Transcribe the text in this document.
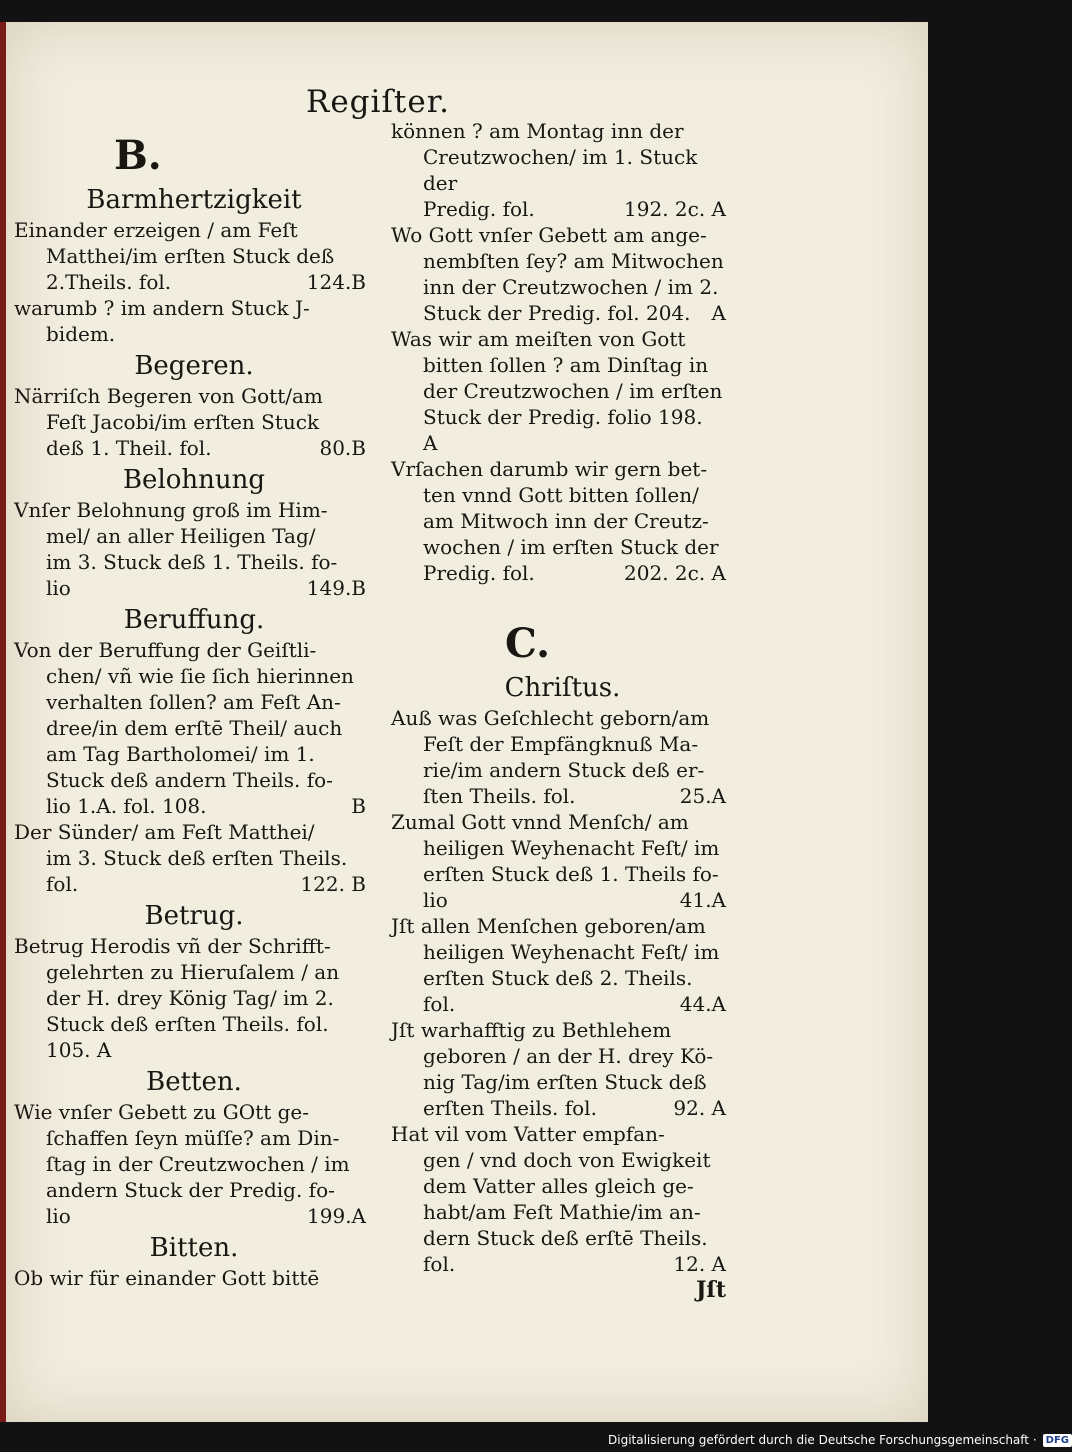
Regiſter.
B.
Barmhertzigkeit

Einander erzeigen / am Feſt
Matthei/im erſten Stuck deß
2.Theils. fol.	124.B

warumb ? im andern Stuck J-
bidem.

Begeren.

Närriſch Begeren von Gott/am
Feſt Jacobi/im erſten Stuck
deß 1. Theil. fol.	80.B

Belohnung

Vnſer Belohnung groß im Him-
mel/ an aller Heiligen Tag/
im 3. Stuck deß 1. Theils. fo-
lio	149.B

Beruffung.

Von der Beruffung der Geiſtli-
chen/ vñ wie ſie ſich hierinnen
verhalten ſollen? am Feſt An-
dree/in dem erſtē Theil/ auch
am Tag Bartholomei/ im 1.
Stuck deß andern Theils. fo-
lio 1.A. fol. 108.	B

Der Sünder/ am Feſt Matthei/
im 3. Stuck deß erſten Theils.
fol.	122. B

Betrug.

Betrug Herodis vñ der Schrifft-
gelehrten zu Hieruſalem / an
der H. drey König Tag/ im 2.
Stuck deß erſten Theils. fol.
105. A

Betten.

Wie vnſer Gebett zu GOtt ge-
ſchaffen ſeyn müſſe? am Din-
ſtag in der Creutzwochen / im
andern Stuck der Predig. fo-
lio	199.A

Bitten.

Ob wir für einander Gott bittē

können ? am Montag inn der
Creutzwochen/ im 1. Stuck der
Predig. fol.	192. 2c. A

Wo Gott vnſer Gebett am ange-
nembſten ſey? am Mitwochen
inn der Creutzwochen / im 2.
Stuck der Predig. fol. 204. A

Was wir am meiſten von Gott
bitten ſollen ? am Dinſtag in
der Creutzwochen / im erſten
Stuck der Predig. folio 198.
A

Vrſachen darumb wir gern bet-
ten vnnd Gott bitten ſollen/
am Mitwoch inn der Creutz-
wochen / im erſten Stuck der
Predig. fol.	202. 2c. A

C.
Chriſtus.

Auß was Geſchlecht geborn/am
Feſt der Empfängknuß Ma-
rie/im andern Stuck deß er-
ſten Theils. fol.	25.A

Zumal Gott vnnd Menſch/ am
heiligen Weyhenacht Feſt/ im
erſten Stuck deß 1. Theils fo-
lio	41.A

Jſt allen Menſchen geboren/am
heiligen Weyhenacht Feſt/ im
erſten Stuck deß 2. Theils.
fol.	44.A

Jſt warhafftig zu Bethlehem
geboren / an der H. drey Kö-
nig Tag/im erſten Stuck deß
erſten Theils. fol.	92. A

Hat vil vom Vatter empfan-
gen / vnd doch von Ewigkeit
dem Vatter alles gleich ge-
habt/am Feſt Mathie/im an-
dern Stuck deß erſtē Theils.
fol.	12. A

Jſt
Digitalisierung gefördert durch die Deutsche Forschungsgemeinschaft · DFG
